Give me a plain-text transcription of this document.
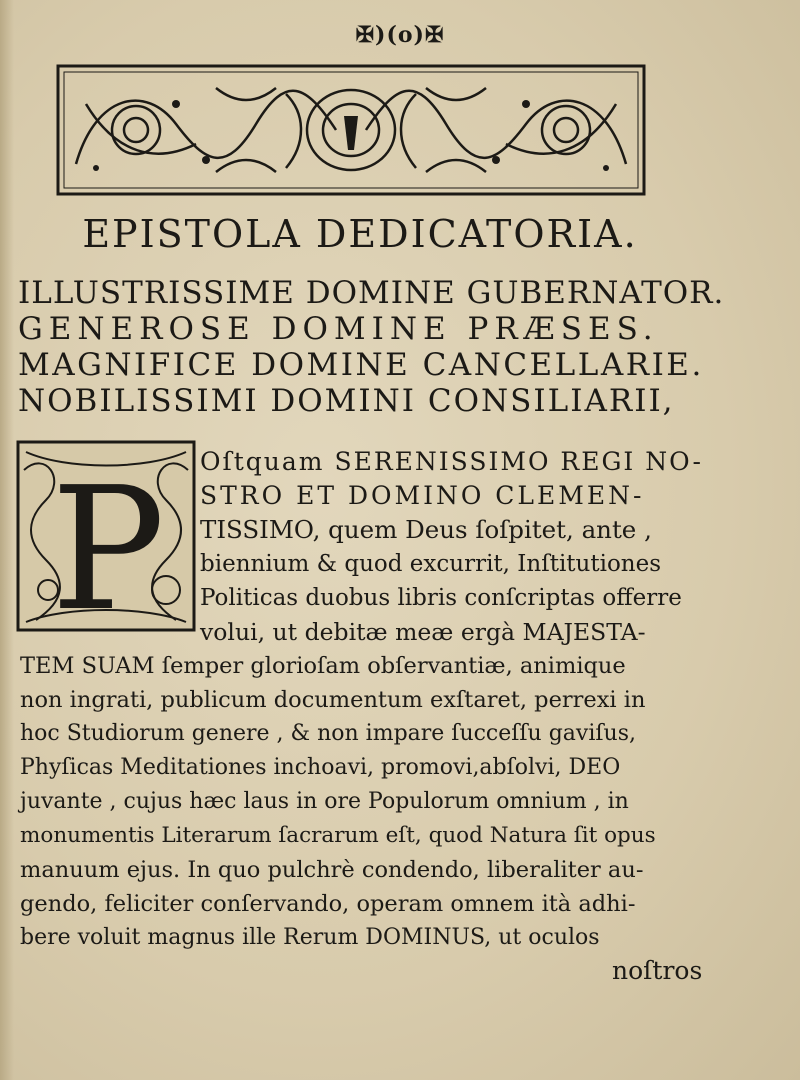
✠)(o)✠
EPISTOLA DEDICATORIA.
ILLUSTRISSIME DOMINE GUBERNATOR.
GENEROSE DOMINE PRÆSES.
MAGNIFICE DOMINE CANCELLARIE.
NOBILISSIMI DOMINI CONSILIARII,
P Oſtquam SERENISSIMO REGI NO-
STRO ET DOMINO CLEMEN-
TISSIMO, quem Deus ſoſpitet, ante ,
biennium & quod excurrit, Inſtitutiones
Politicas duobus libris conſcriptas offerre
volui, ut debitæ meæ ergà MAJESTA-
TEM SUAM ſemper glorioſam obſervantiæ, animique
non ingrati, publicum documentum exſtaret, perrexi in
hoc Studiorum genere , & non impare ſucceſſu gaviſus,
Phyſicas Meditationes inchoavi, promovi,abſolvi, DEO
juvante , cujus hæc laus in ore Populorum omnium , in
monumentis Literarum ſacrarum eſt, quod Natura ſit opus
manuum ejus. In quo pulchrè condendo, liberaliter au-
gendo, feliciter conſervando, operam omnem ità adhi-
bere voluit magnus ille Rerum DOMINUS, ut oculos
noſtros
